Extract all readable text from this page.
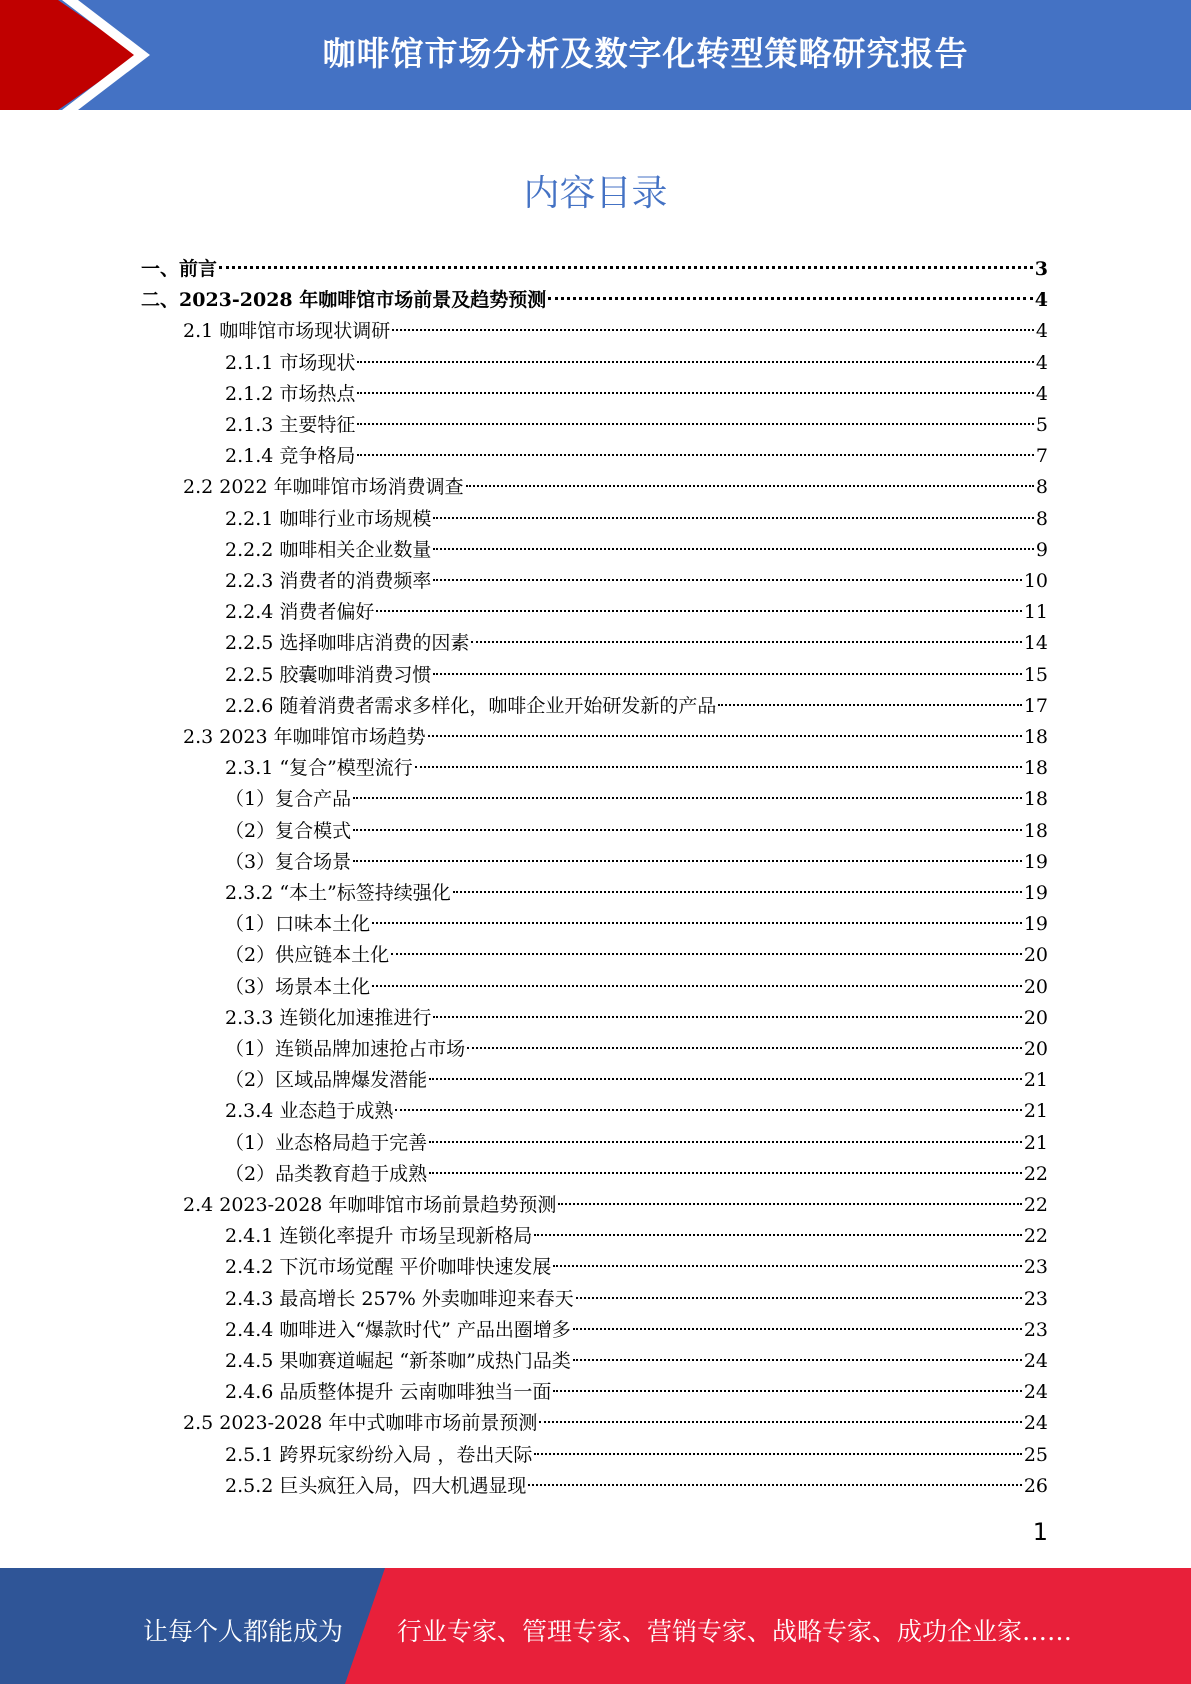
咖啡馆市场分析及数字化转型策略研究报告
内容目录
一、前言	3
二、2023-2028 年咖啡馆市场前景及趋势预测	4
2.1 咖啡馆市场现状调研	4
2.1.1 市场现状	4
2.1.2 市场热点	4
2.1.3 主要特征	5
2.1.4 竞争格局	7
2.2 2022 年咖啡馆市场消费调查	8
2.2.1 咖啡行业市场规模	8
2.2.2 咖啡相关企业数量	9
2.2.3 消费者的消费频率	10
2.2.4 消费者偏好	11
2.2.5 选择咖啡店消费的因素	14
2.2.5 胶囊咖啡消费习惯	15
2.2.6 随着消费者需求多样化，咖啡企业开始研发新的产品	17
2.3 2023 年咖啡馆市场趋势	18
2.3.1 “复合”模型流行	18
（1）复合产品	18
（2）复合模式	18
（3）复合场景	19
2.3.2 “本土”标签持续强化	19
（1）口味本土化	19
（2）供应链本土化	20
（3）场景本土化	20
2.3.3 连锁化加速推进行	20
（1）连锁品牌加速抢占市场	20
（2）区域品牌爆发潜能	21
2.3.4 业态趋于成熟	21
（1）业态格局趋于完善	21
（2）品类教育趋于成熟	22
2.4 2023-2028 年咖啡馆市场前景趋势预测	22
2.4.1 连锁化率提升 市场呈现新格局	22
2.4.2 下沉市场觉醒 平价咖啡快速发展	23
2.4.3 最高增长 257% 外卖咖啡迎来春天	23
2.4.4 咖啡进入“爆款时代” 产品出圈增多	23
2.4.5 果咖赛道崛起 “新茶咖”成热门品类	24
2.4.6 品质整体提升 云南咖啡独当一面	24
2.5 2023-2028 年中式咖啡市场前景预测	24
2.5.1 跨界玩家纷纷入局 ，卷出天际	25
2.5.2 巨头疯狂入局，四大机遇显现	26
1
让每个人都能成为 行业专家、管理专家、营销专家、战略专家、成功企业家……
